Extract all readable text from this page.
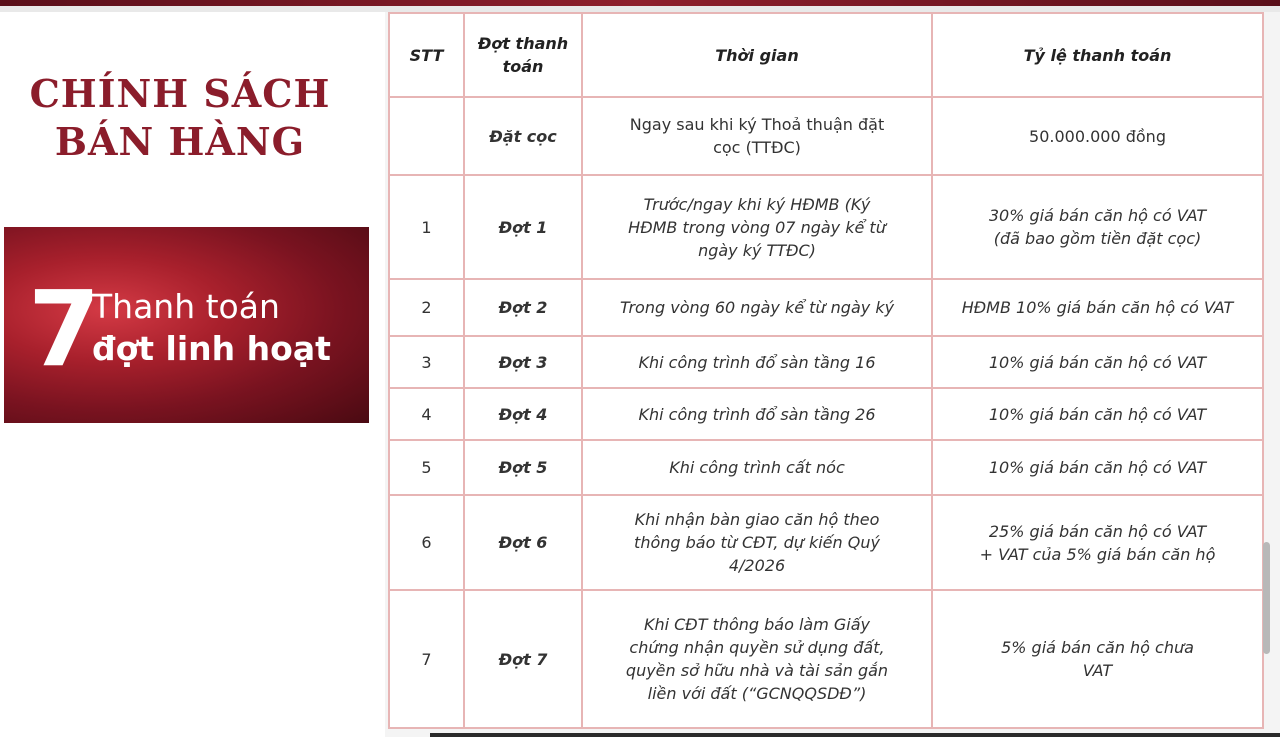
CHÍNH SÁCH
BÁN HÀNG
7
Thanh toán
đợt linh hoạt
STT	Đợt thanh toán	Thời gian	Tỷ lệ thanh toán
	Đặt cọc	Ngay sau khi ký Thoả thuận đặt
cọc (TTĐC)	50.000.000 đồng

1	Đợt 1	Trước/ngay khi ký HĐMB (Ký
HĐMB trong vòng 07 ngày kể từ
ngày ký TTĐC)	30% giá bán căn hộ có VAT
(đã bao gồm tiền đặt cọc)

2	Đợt 2	Trong vòng 60 ngày kể từ ngày ký	HĐMB 10% giá bán căn hộ có VAT

3	Đợt 3	Khi công trình đổ sàn tầng 16	10% giá bán căn hộ có VAT

4	Đợt 4	Khi công trình đổ sàn tầng 26	10% giá bán căn hộ có VAT

5	Đợt 5	Khi công trình cất nóc	10% giá bán căn hộ có VAT

6	Đợt 6	Khi nhận bàn giao căn hộ theo
thông báo từ CĐT, dự kiến Quý
4/2026	25% giá bán căn hộ có VAT
+ VAT của 5% giá bán căn hộ

7	Đợt 7	Khi CĐT thông báo làm Giấy
chứng nhận quyền sử dụng đất,
quyền sở hữu nhà và tài sản gắn
liền với đất (“GCNQQSDĐ”)	5% giá bán căn hộ chưa
VAT
